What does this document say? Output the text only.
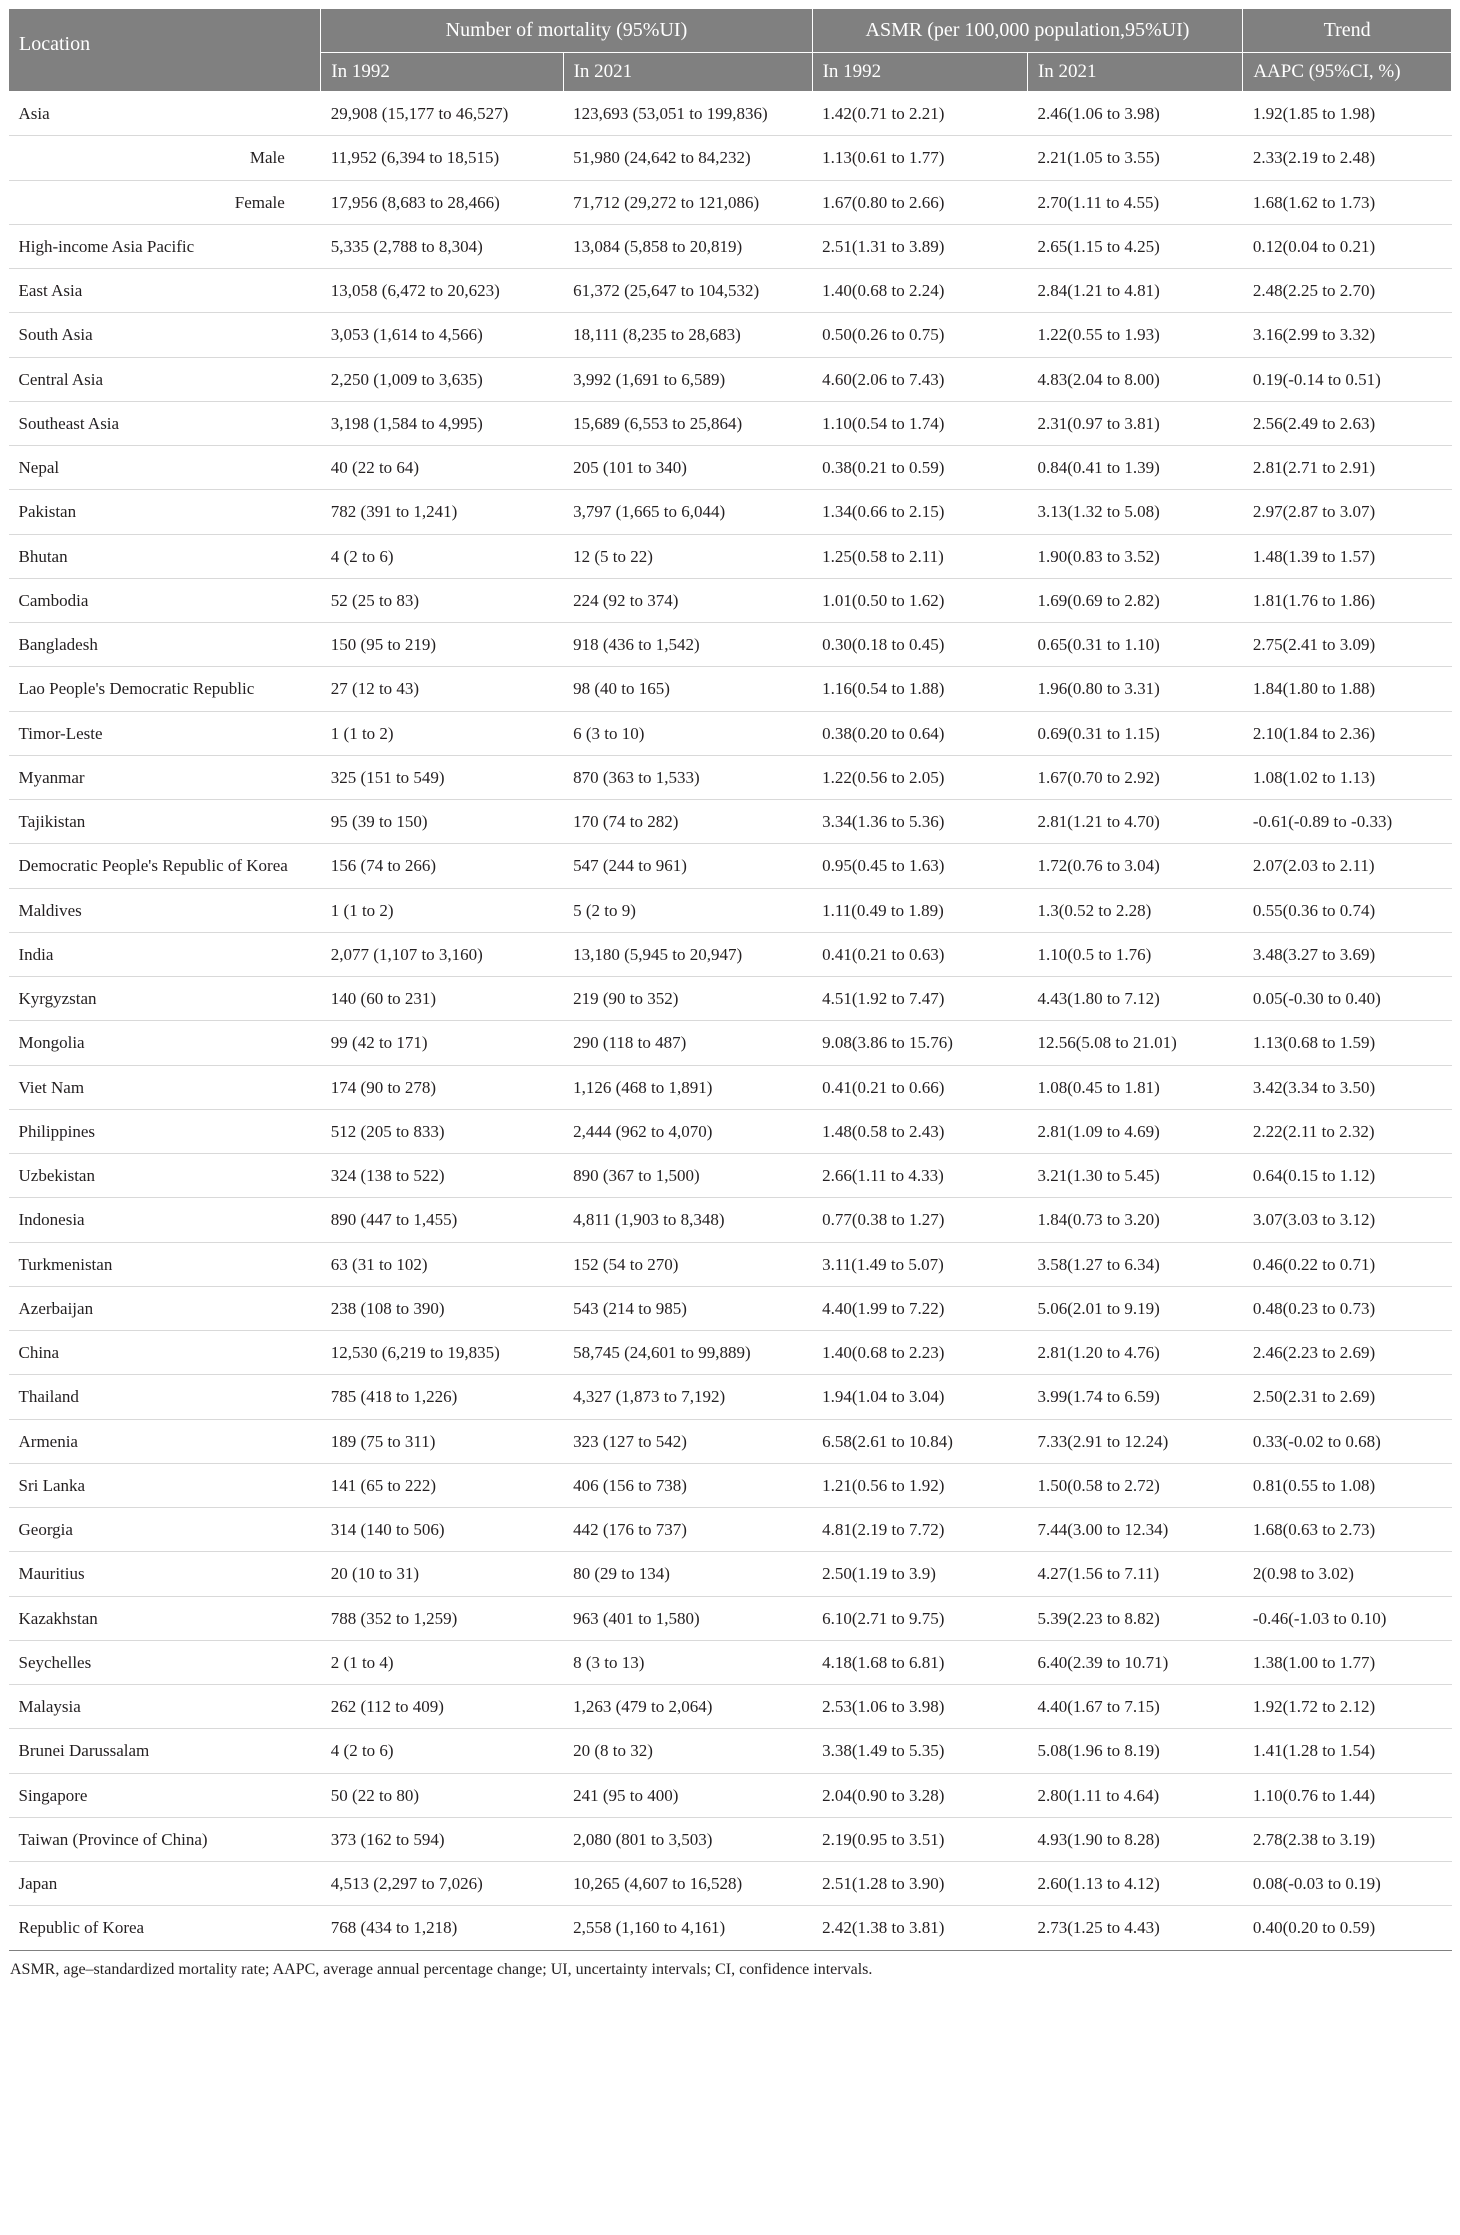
Location	Number of mortality (95%UI)		ASMR (per 100,000 population,95%UI)		Trend
	In 1992	In 2021	In 1992	In 2021	AAPC (95%CI, %)
Asia	29,908 (15,177 to 46,527)	123,693 (53,051 to 199,836)	1.42(0.71 to 2.21)	2.46(1.06 to 3.98)	1.92(1.85 to 1.98)
Male	11,952 (6,394 to 18,515)	51,980 (24,642 to 84,232)	1.13(0.61 to 1.77)	2.21(1.05 to 3.55)	2.33(2.19 to 2.48)
Female	17,956 (8,683 to 28,466)	71,712 (29,272 to 121,086)	1.67(0.80 to 2.66)	2.70(1.11 to 4.55)	1.68(1.62 to 1.73)
High-income Asia Pacific	5,335 (2,788 to 8,304)	13,084 (5,858 to 20,819)	2.51(1.31 to 3.89)	2.65(1.15 to 4.25)	0.12(0.04 to 0.21)
East Asia	13,058 (6,472 to 20,623)	61,372 (25,647 to 104,532)	1.40(0.68 to 2.24)	2.84(1.21 to 4.81)	2.48(2.25 to 2.70)
South Asia	3,053 (1,614 to 4,566)	18,111 (8,235 to 28,683)	0.50(0.26 to 0.75)	1.22(0.55 to 1.93)	3.16(2.99 to 3.32)
Central Asia	2,250 (1,009 to 3,635)	3,992 (1,691 to 6,589)	4.60(2.06 to 7.43)	4.83(2.04 to 8.00)	0.19(-0.14 to 0.51)
Southeast Asia	3,198 (1,584 to 4,995)	15,689 (6,553 to 25,864)	1.10(0.54 to 1.74)	2.31(0.97 to 3.81)	2.56(2.49 to 2.63)
Nepal	40 (22 to 64)	205 (101 to 340)	0.38(0.21 to 0.59)	0.84(0.41 to 1.39)	2.81(2.71 to 2.91)
Pakistan	782 (391 to 1,241)	3,797 (1,665 to 6,044)	1.34(0.66 to 2.15)	3.13(1.32 to 5.08)	2.97(2.87 to 3.07)
Bhutan	4 (2 to 6)	12 (5 to 22)	1.25(0.58 to 2.11)	1.90(0.83 to 3.52)	1.48(1.39 to 1.57)
Cambodia	52 (25 to 83)	224 (92 to 374)	1.01(0.50 to 1.62)	1.69(0.69 to 2.82)	1.81(1.76 to 1.86)
Bangladesh	150 (95 to 219)	918 (436 to 1,542)	0.30(0.18 to 0.45)	0.65(0.31 to 1.10)	2.75(2.41 to 3.09)
Lao People's Democratic Republic	27 (12 to 43)	98 (40 to 165)	1.16(0.54 to 1.88)	1.96(0.80 to 3.31)	1.84(1.80 to 1.88)
Timor-Leste	1 (1 to 2)	6 (3 to 10)	0.38(0.20 to 0.64)	0.69(0.31 to 1.15)	2.10(1.84 to 2.36)
Myanmar	325 (151 to 549)	870 (363 to 1,533)	1.22(0.56 to 2.05)	1.67(0.70 to 2.92)	1.08(1.02 to 1.13)
Tajikistan	95 (39 to 150)	170 (74 to 282)	3.34(1.36 to 5.36)	2.81(1.21 to 4.70)	-0.61(-0.89 to -0.33)
Democratic People's Republic of Korea	156 (74 to 266)	547 (244 to 961)	0.95(0.45 to 1.63)	1.72(0.76 to 3.04)	2.07(2.03 to 2.11)
Maldives	1 (1 to 2)	5 (2 to 9)	1.11(0.49 to 1.89)	1.3(0.52 to 2.28)	0.55(0.36 to 0.74)
India	2,077 (1,107 to 3,160)	13,180 (5,945 to 20,947)	0.41(0.21 to 0.63)	1.10(0.5 to 1.76)	3.48(3.27 to 3.69)
Kyrgyzstan	140 (60 to 231)	219 (90 to 352)	4.51(1.92 to 7.47)	4.43(1.80 to 7.12)	0.05(-0.30 to 0.40)
Mongolia	99 (42 to 171)	290 (118 to 487)	9.08(3.86 to 15.76)	12.56(5.08 to 21.01)	1.13(0.68 to 1.59)
Viet Nam	174 (90 to 278)	1,126 (468 to 1,891)	0.41(0.21 to 0.66)	1.08(0.45 to 1.81)	3.42(3.34 to 3.50)
Philippines	512 (205 to 833)	2,444 (962 to 4,070)	1.48(0.58 to 2.43)	2.81(1.09 to 4.69)	2.22(2.11 to 2.32)
Uzbekistan	324 (138 to 522)	890 (367 to 1,500)	2.66(1.11 to 4.33)	3.21(1.30 to 5.45)	0.64(0.15 to 1.12)
Indonesia	890 (447 to 1,455)	4,811 (1,903 to 8,348)	0.77(0.38 to 1.27)	1.84(0.73 to 3.20)	3.07(3.03 to 3.12)
Turkmenistan	63 (31 to 102)	152 (54 to 270)	3.11(1.49 to 5.07)	3.58(1.27 to 6.34)	0.46(0.22 to 0.71)
Azerbaijan	238 (108 to 390)	543 (214 to 985)	4.40(1.99 to 7.22)	5.06(2.01 to 9.19)	0.48(0.23 to 0.73)
China	12,530 (6,219 to 19,835)	58,745 (24,601 to 99,889)	1.40(0.68 to 2.23)	2.81(1.20 to 4.76)	2.46(2.23 to 2.69)
Thailand	785 (418 to 1,226)	4,327 (1,873 to 7,192)	1.94(1.04 to 3.04)	3.99(1.74 to 6.59)	2.50(2.31 to 2.69)
Armenia	189 (75 to 311)	323 (127 to 542)	6.58(2.61 to 10.84)	7.33(2.91 to 12.24)	0.33(-0.02 to 0.68)
Sri Lanka	141 (65 to 222)	406 (156 to 738)	1.21(0.56 to 1.92)	1.50(0.58 to 2.72)	0.81(0.55 to 1.08)
Georgia	314 (140 to 506)	442 (176 to 737)	4.81(2.19 to 7.72)	7.44(3.00 to 12.34)	1.68(0.63 to 2.73)
Mauritius	20 (10 to 31)	80 (29 to 134)	2.50(1.19 to 3.9)	4.27(1.56 to 7.11)	2(0.98 to 3.02)
Kazakhstan	788 (352 to 1,259)	963 (401 to 1,580)	6.10(2.71 to 9.75)	5.39(2.23 to 8.82)	-0.46(-1.03 to 0.10)
Seychelles	2 (1 to 4)	8 (3 to 13)	4.18(1.68 to 6.81)	6.40(2.39 to 10.71)	1.38(1.00 to 1.77)
Malaysia	262 (112 to 409)	1,263 (479 to 2,064)	2.53(1.06 to 3.98)	4.40(1.67 to 7.15)	1.92(1.72 to 2.12)
Brunei Darussalam	4 (2 to 6)	20 (8 to 32)	3.38(1.49 to 5.35)	5.08(1.96 to 8.19)	1.41(1.28 to 1.54)
Singapore	50 (22 to 80)	241 (95 to 400)	2.04(0.90 to 3.28)	2.80(1.11 to 4.64)	1.10(0.76 to 1.44)
Taiwan (Province of China)	373 (162 to 594)	2,080 (801 to 3,503)	2.19(0.95 to 3.51)	4.93(1.90 to 8.28)	2.78(2.38 to 3.19)
Japan	4,513 (2,297 to 7,026)	10,265 (4,607 to 16,528)	2.51(1.28 to 3.90)	2.60(1.13 to 4.12)	0.08(-0.03 to 0.19)
Republic of Korea	768 (434 to 1,218)	2,558 (1,160 to 4,161)	2.42(1.38 to 3.81)	2.73(1.25 to 4.43)	0.40(0.20 to 0.59)
ASMR, age–standardized mortality rate; AAPC, average annual percentage change; UI, uncertainty intervals; CI, confidence intervals.
